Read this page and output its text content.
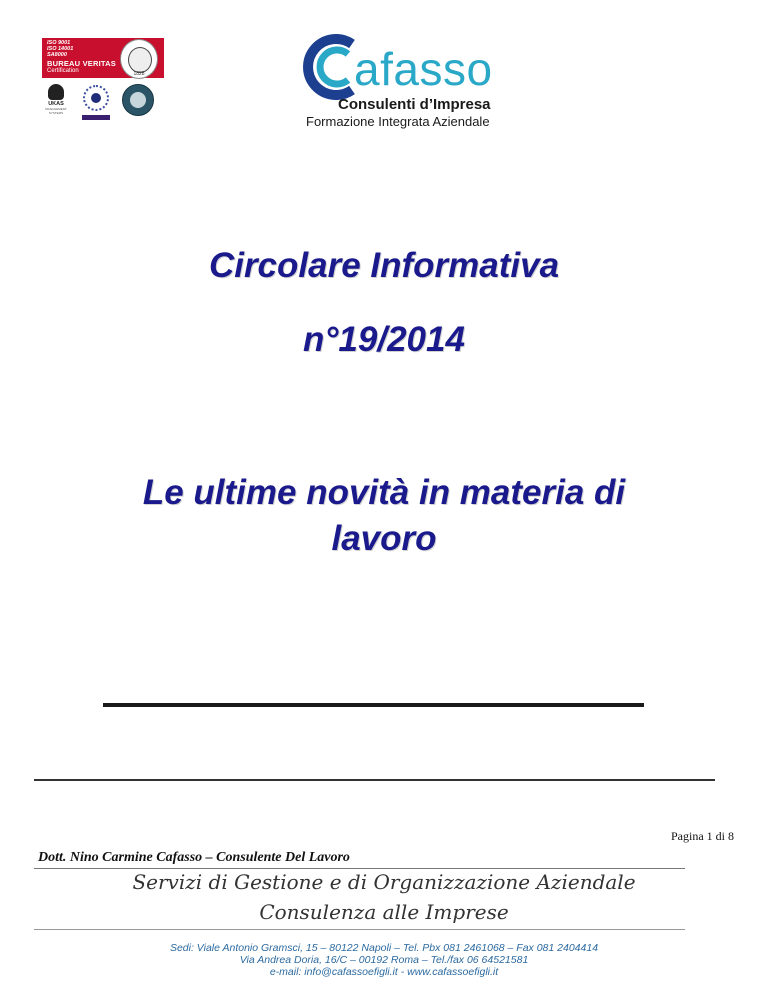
ISO 9001
ISO 14001
SA8000
BUREAU VERITAS
Certification	1828
UKAS
MANAGEMENT SYSTEMS
afasso
Consulenti d’Impresa
Formazione Integrata Aziendale
Circolare Informativa
n°19/2014
Le ultime novità in materia di
lavoro
Pagina 1 di 8
Dott. Nino Carmine Cafasso – Consulente Del Lavoro
Servizi di Gestione e di Organizzazione Aziendale
Consulenza alle Imprese
Sedi: Viale Antonio Gramsci, 15 – 80122 Napoli – Tel. Pbx 081 2461068 – Fax 081 2404414
Via Andrea Doria, 16/C – 00192 Roma – Tel./fax 06 64521581
e-mail: info@cafassoefigli.it - www.cafassoefigli.it
